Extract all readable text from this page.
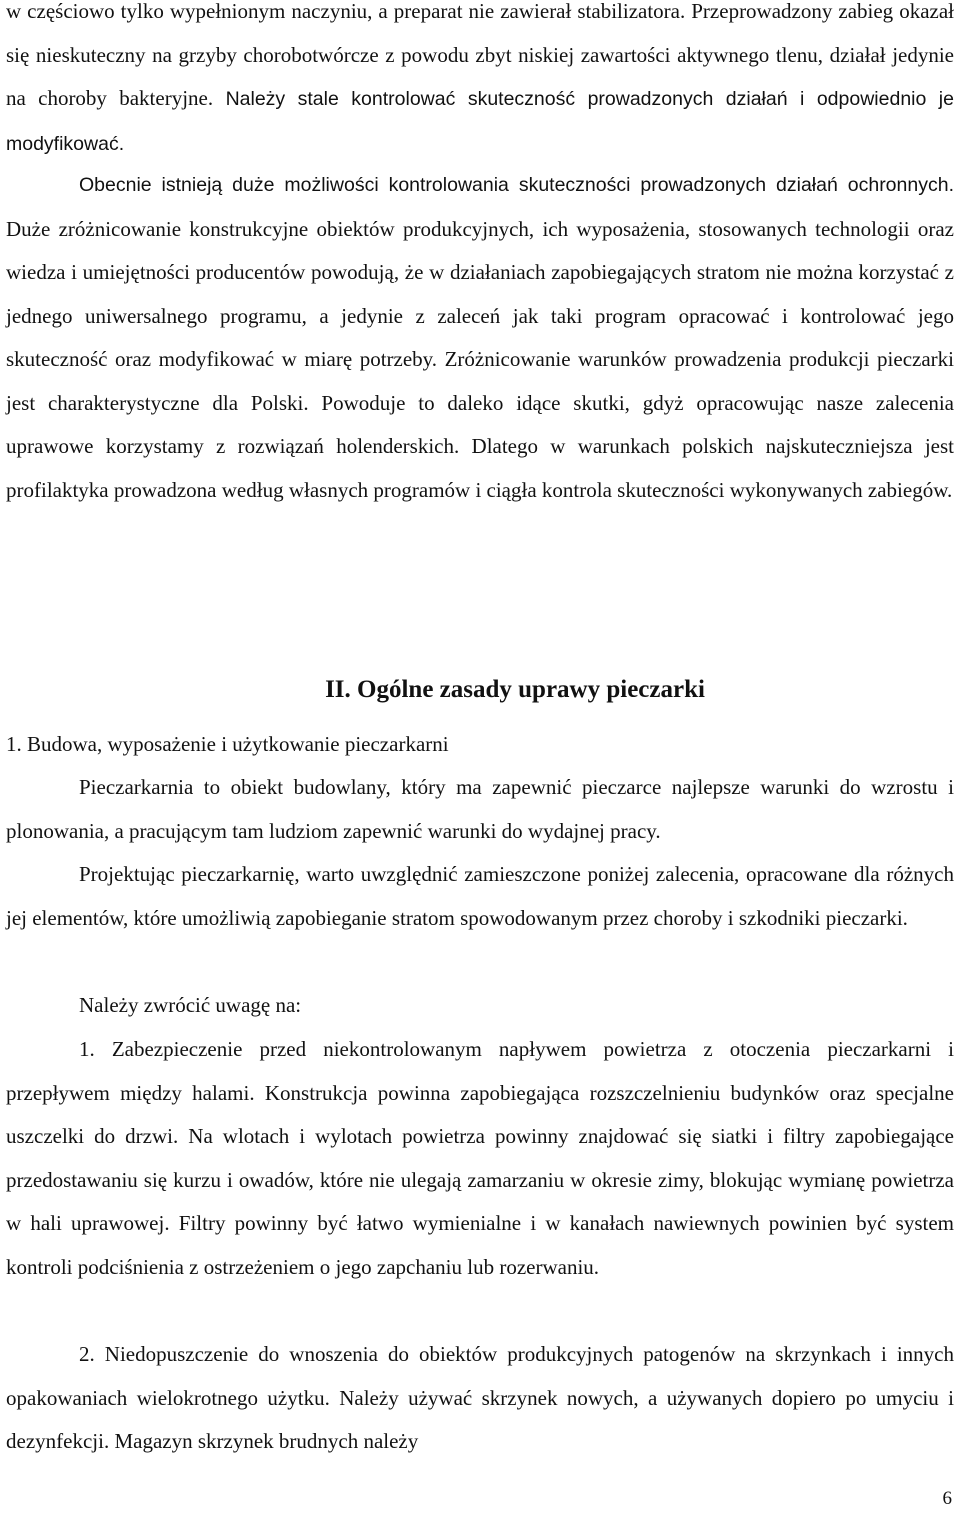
w częściowo tylko wypełnionym naczyniu, a preparat nie zawierał stabilizatora. Przeprowadzony zabieg okazał się nieskuteczny na grzyby chorobotwórcze z powodu zbyt niskiej zawartości aktywnego tlenu, działał jedynie na choroby bakteryjne. Należy stale kontrolować skuteczność prowadzonych działań i odpowiednio je modyfikować.

Obecnie istnieją duże możliwości kontrolowania skuteczności prowadzonych działań ochronnych. Duże zróżnicowanie konstrukcyjne obiektów produkcyjnych, ich wyposażenia, stosowanych technologii oraz wiedza i umiejętności producentów powodują, że w działaniach zapobiegających stratom nie można korzystać z jednego uniwersalnego programu, a jedynie z zaleceń jak taki program opracować i kontrolować jego skuteczność oraz modyfikować w miarę potrzeby. Zróżnicowanie warunków prowadzenia produkcji pieczarki jest charakterystyczne dla Polski. Powoduje to daleko idące skutki, gdyż opracowując nasze zalecenia uprawowe korzystamy z rozwiązań holenderskich. Dlatego w warunkach polskich najskuteczniejsza jest profilaktyka prowadzona według własnych programów i ciągła kontrola skuteczności wykonywanych zabiegów.

II. Ogólne zasady uprawy pieczarki

1. Budowa, wyposażenie i użytkowanie pieczarkarni

Pieczarkarnia to obiekt budowlany, który ma zapewnić pieczarce najlepsze warunki do wzrostu i plonowania, a pracującym tam ludziom zapewnić warunki do wydajnej pracy.

Projektując pieczarkarnię, warto uwzględnić zamieszczone poniżej zalecenia, opracowane dla różnych jej elementów, które umożliwią zapobieganie stratom spowodowanym przez choroby i szkodniki pieczarki.

Należy zwrócić uwagę na:

1. Zabezpieczenie przed niekontrolowanym napływem powietrza z otoczenia pieczarkarni i przepływem między halami. Konstrukcja powinna zapobiegająca rozszczelnieniu budynków oraz specjalne uszczelki do drzwi. Na wlotach i wylotach powietrza powinny znajdować się siatki i filtry zapobiegające przedostawaniu się kurzu i owadów, które nie ulegają zamarzaniu w okresie zimy, blokując wymianę powietrza w hali uprawowej. Filtry powinny być łatwo wymienialne i w kanałach nawiewnych powinien być system kontroli podciśnienia z ostrzeżeniem o jego zapchaniu lub rozerwaniu.

2. Niedopuszczenie do wnoszenia do obiektów produkcyjnych patogenów na skrzynkach i innych opakowaniach wielokrotnego użytku. Należy używać skrzynek nowych, a używanych dopiero po umyciu i dezynfekcji. Magazyn skrzynek brudnych należy

6
